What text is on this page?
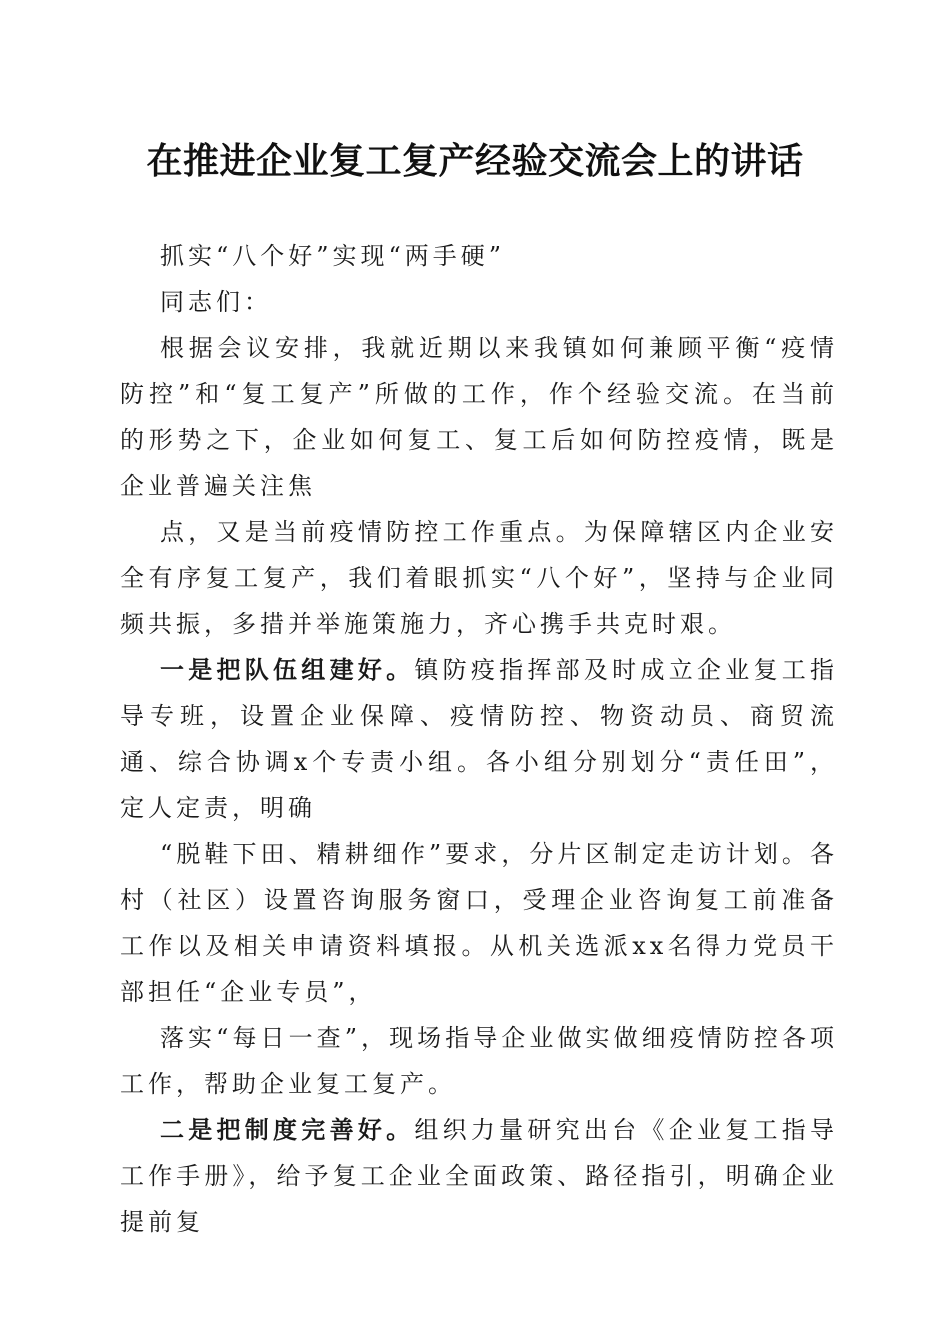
在推进企业复工复产经验交流会上的讲话

抓实“八个好”实现“两手硬”

同志们：

根据会议安排，我就近期以来我镇如何兼顾平衡“疫情防控”和“复工复产”所做的工作，作个经验交流。在当前的形势之下，企业如何复工、复工后如何防控疫情，既是企业普遍关注焦

点，又是当前疫情防控工作重点。为保障辖区内企业安全有序复工复产，我们着眼抓实“八个好”，坚持与企业同频共振，多措并举施策施力，齐心携手共克时艰。

一是把队伍组建好。镇防疫指挥部及时成立企业复工指导专班，设置企业保障、疫情防控、物资动员、商贸流通、综合协调x个专责小组。各小组分别划分“责任田”，定人定责，明确

“脱鞋下田、精耕细作”要求，分片区制定走访计划。各村（社区）设置咨询服务窗口，受理企业咨询复工前准备工作以及相关申请资料填报。从机关选派xx名得力党员干部担任“企业专员”，

落实“每日一查”，现场指导企业做实做细疫情防控各项工作，帮助企业复工复产。

二是把制度完善好。组织力量研究出台《企业复工指导工作手册》，给予复工企业全面政策、路径指引，明确企业提前复
